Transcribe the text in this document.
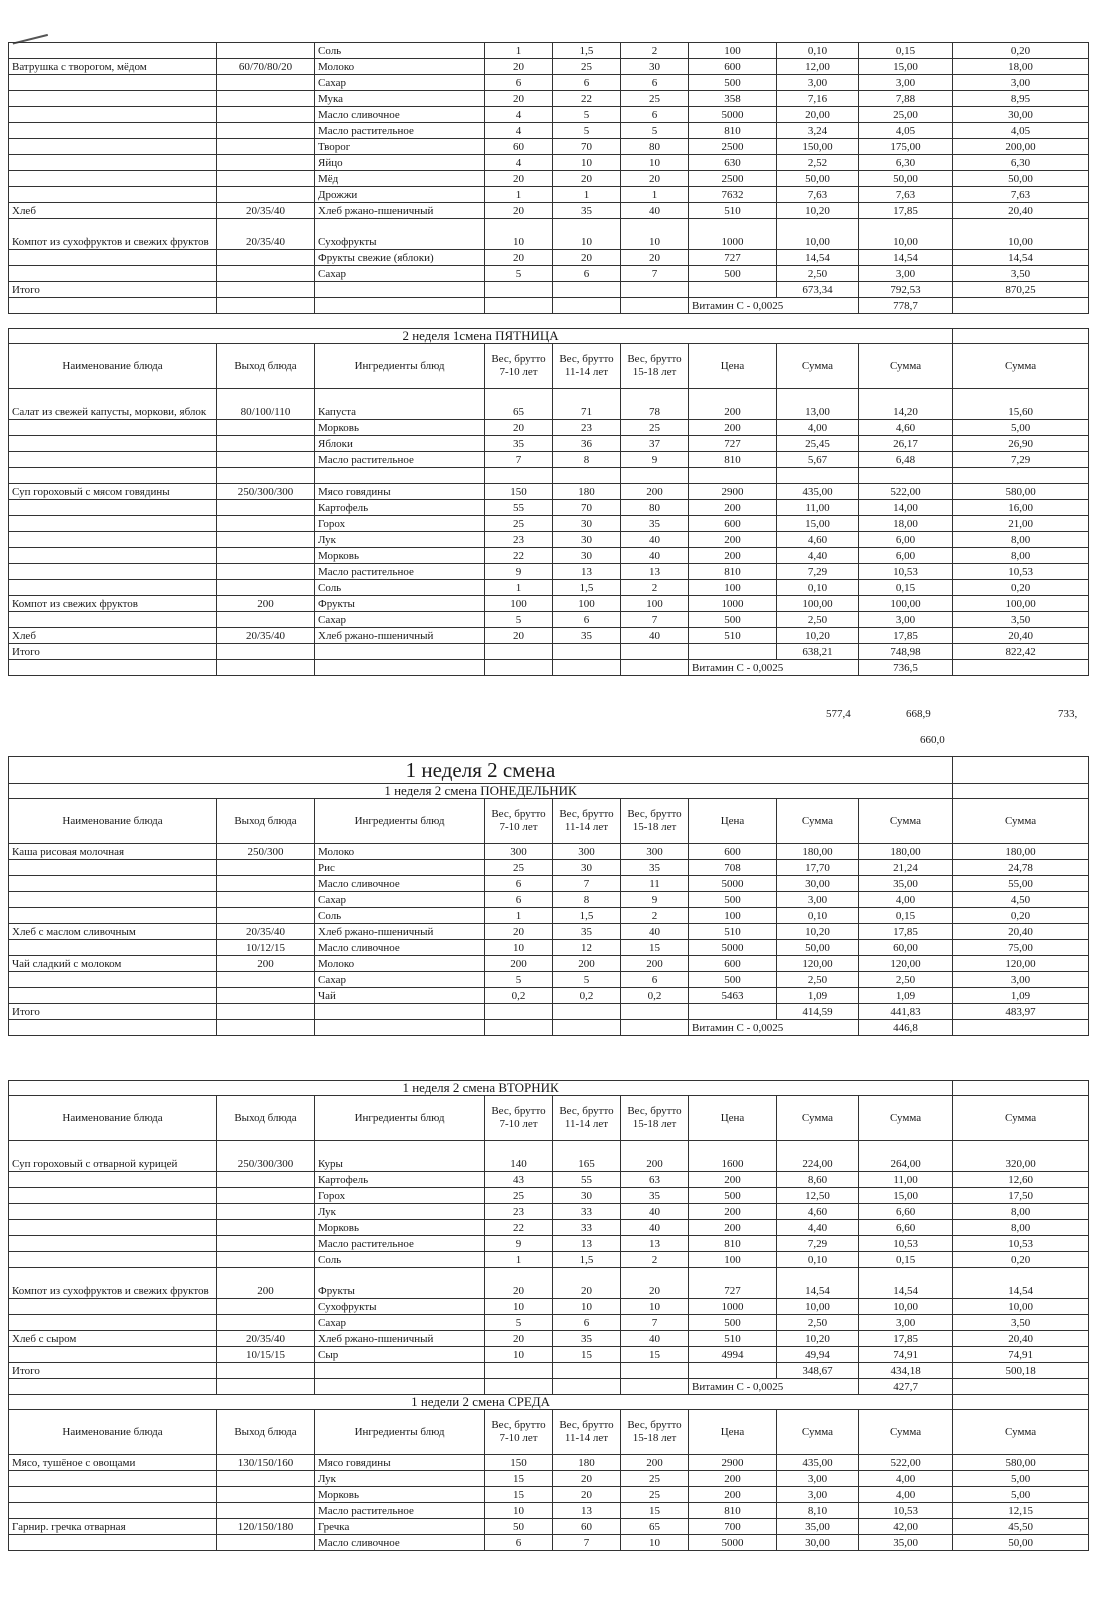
		Соль	1	1,5	2	100	0,10	0,15	0,20
Ватрушка с творогом, мёдом	60/70/80/20	Молоко	20	25	30	600	12,00	15,00	18,00
		Сахар	6	6	6	500	3,00	3,00	3,00
		Мука	20	22	25	358	7,16	7,88	8,95
		Масло сливочное	4	5	6	5000	20,00	25,00	30,00
		Масло растительное	4	5	5	810	3,24	4,05	4,05
		Творог	60	70	80	2500	150,00	175,00	200,00
		Яйцо	4	10	10	630	2,52	6,30	6,30
		Мёд	20	20	20	2500	50,00	50,00	50,00
		Дрожжи	1	1	1	7632	7,63	7,63	7,63
Хлеб	20/35/40	Хлеб ржано-пшеничный	20	35	40	510	10,20	17,85	20,40
Компот из сухофруктов и свежих фруктов	20/35/40	Сухофрукты	10	10	10	1000	10,00	10,00	10,00
		Фрукты свежие (яблоки)	20	20	20	727	14,54	14,54	14,54
		Сахар	5	6	7	500	2,50	3,00	3,50
Итого							673,34	792,53	870,25
						Витамин С - 0,0025		778,7	
2 неделя 1смена ПЯТНИЦА									
Наименование блюда	Выход блюда	Ингредиенты блюд	Вес, брутто 7-10 лет	Вес, брутто 11-14 лет	Вес, брутто 15-18 лет	Цена	Сумма	Сумма	Сумма
Салат из свежей капусты, моркови, яблок	80/100/110	Капуста	65	71	78	200	13,00	14,20	15,60
		Морковь	20	23	25	200	4,00	4,60	5,00
		Яблоки	35	36	37	727	25,45	26,17	26,90
		Масло растительное	7	8	9	810	5,67	6,48	7,29

Суп гороховый с мясом говядины	250/300/300	Мясо говядины	150	180	200	2900	435,00	522,00	580,00
		Картофель	55	70	80	200	11,00	14,00	16,00
		Горох	25	30	35	600	15,00	18,00	21,00
		Лук	23	30	40	200	4,60	6,00	8,00
		Морковь	22	30	40	200	4,40	6,00	8,00
		Масло растительное	9	13	13	810	7,29	10,53	10,53
		Соль	1	1,5	2	100	0,10	0,15	0,20
Компот из свежих фруктов	200	Фрукты	100	100	100	1000	100,00	100,00	100,00
		Сахар	5	6	7	500	2,50	3,00	3,50
Хлеб	20/35/40	Хлеб ржано-пшеничный	20	35	40	510	10,20	17,85	20,40
Итого							638,21	748,98	822,42
						Витамин С - 0,0025		736,5	
577,4	668,9	733,
660,0
1 неделя 2 смена									
1 неделя 2 смена ПОНЕДЕЛЬНИК									
Наименование блюда	Выход блюда	Ингредиенты блюд	Вес, брутто 7-10 лет	Вес, брутто 11-14 лет	Вес, брутто 15-18 лет	Цена	Сумма	Сумма	Сумма
Каша рисовая молочная	250/300	Молоко	300	300	300	600	180,00	180,00	180,00
		Рис	25	30	35	708	17,70	21,24	24,78
		Масло сливочное	6	7	11	5000	30,00	35,00	55,00
		Сахар	6	8	9	500	3,00	4,00	4,50
		Соль	1	1,5	2	100	0,10	0,15	0,20
Хлеб с маслом сливочным	20/35/40	Хлеб ржано-пшеничный	20	35	40	510	10,20	17,85	20,40
	10/12/15	Масло сливочное	10	12	15	5000	50,00	60,00	75,00
Чай сладкий с молоком	200	Молоко	200	200	200	600	120,00	120,00	120,00
		Сахар	5	5	6	500	2,50	2,50	3,00
		Чай	0,2	0,2	0,2	5463	1,09	1,09	1,09
Итого							414,59	441,83	483,97
						Витамин С - 0,0025		446,8	
1 неделя 2 смена ВТОРНИК									
Наименование блюда	Выход блюда	Ингредиенты блюд	Вес, брутто 7-10 лет	Вес, брутто 11-14 лет	Вес, брутто 15-18 лет	Цена	Сумма	Сумма	Сумма
Суп гороховый с отварной курицей	250/300/300	Куры	140	165	200	1600	224,00	264,00	320,00
		Картофель	43	55	63	200	8,60	11,00	12,60
		Горох	25	30	35	500	12,50	15,00	17,50
		Лук	23	33	40	200	4,60	6,60	8,00
		Морковь	22	33	40	200	4,40	6,60	8,00
		Масло растительное	9	13	13	810	7,29	10,53	10,53
		Соль	1	1,5	2	100	0,10	0,15	0,20
Компот из сухофруктов и свежих фруктов	200	Фрукты	20	20	20	727	14,54	14,54	14,54
		Сухофрукты	10	10	10	1000	10,00	10,00	10,00
		Сахар	5	6	7	500	2,50	3,00	3,50
Хлеб с сыром	20/35/40	Хлеб ржано-пшеничный	20	35	40	510	10,20	17,85	20,40
	10/15/15	Сыр	10	15	15	4994	49,94	74,91	74,91
Итого							348,67	434,18	500,18
						Витамин С - 0,0025		427,7	
1 недели 2 смена СРЕДА									
Наименование блюда	Выход блюда	Ингредиенты блюд	Вес, брутто 7-10 лет	Вес, брутто 11-14 лет	Вес, брутто 15-18 лет	Цена	Сумма	Сумма	Сумма
Мясо, тушёное с овощами	130/150/160	Мясо говядины	150	180	200	2900	435,00	522,00	580,00
		Лук	15	20	25	200	3,00	4,00	5,00
		Морковь	15	20	25	200	3,00	4,00	5,00
		Масло растительное	10	13	15	810	8,10	10,53	12,15
Гарнир. гречка отварная	120/150/180	Гречка	50	60	65	700	35,00	42,00	45,50
		Масло сливочное	6	7	10	5000	30,00	35,00	50,00
